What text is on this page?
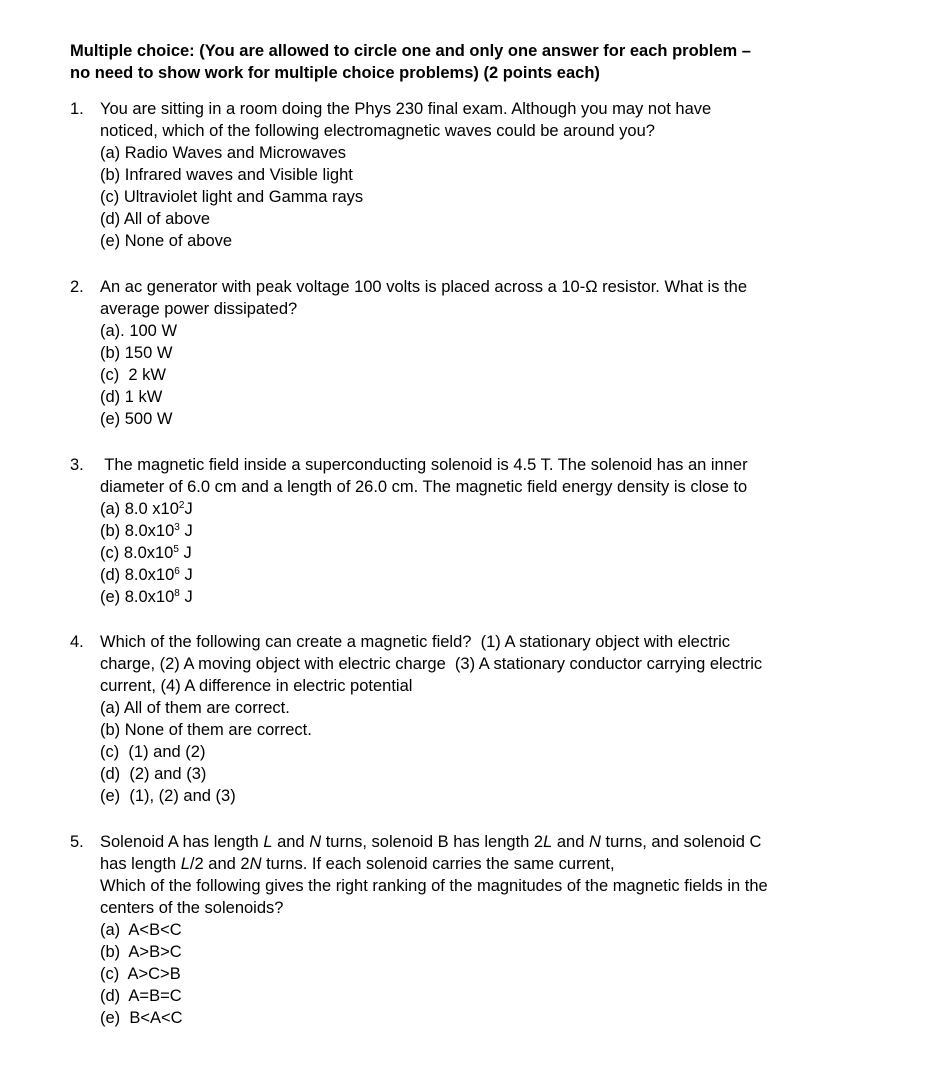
Multiple choice: (You are allowed to circle one and only one answer for each problem –
no need to show work for multiple choice problems) (2 points each)
1. You are sitting in a room doing the Phys 230 final exam. Although you may not have
noticed, which of the following electromagnetic waves could be around you?
(a) Radio Waves and Microwaves
(b) Infrared waves and Visible light
(c) Ultraviolet light and Gamma rays
(d) All of above
(e) None of above
2. An ac generator with peak voltage 100 volts is placed across a 10-Ω resistor. What is the
average power dissipated?
(a). 100 W
(b) 150 W
(c)  2 kW
(d) 1 kW
(e) 500 W
3. The magnetic field inside a superconducting solenoid is 4.5 T. The solenoid has an inner
diameter of 6.0 cm and a length of 26.0 cm. The magnetic field energy density is close to
(a) 8.0 $x10^2J$
(b) $8.0x10^3$ J
(c) $8.0x10^5$ J
(d) $8.0x10^6$ J
(e) $8.0x10^8$ J
4. Which of the following can create a magnetic field?  (1) A stationary object with electric
charge, (2) A moving object with electric charge  (3) A stationary conductor carrying electric
current, (4) A difference in electric potential
(a) All of them are correct.
(b) None of them are correct.
(c)  (1) and (2)
(d)  (2) and (3)
(e)  (1), (2) and (3)
5. Solenoid A has length L and N turns, solenoid B has length 2L and N turns, and solenoid C
has length L/2 and 2N turns. If each solenoid carries the same current,
Which of the following gives the right ranking of the magnitudes of the magnetic fields in the
centers of the solenoids?
(a)  A<B<C
(b)  A>B>C
(c)  A>C>B
(d)  A=B=C
(e)  B<A<C
